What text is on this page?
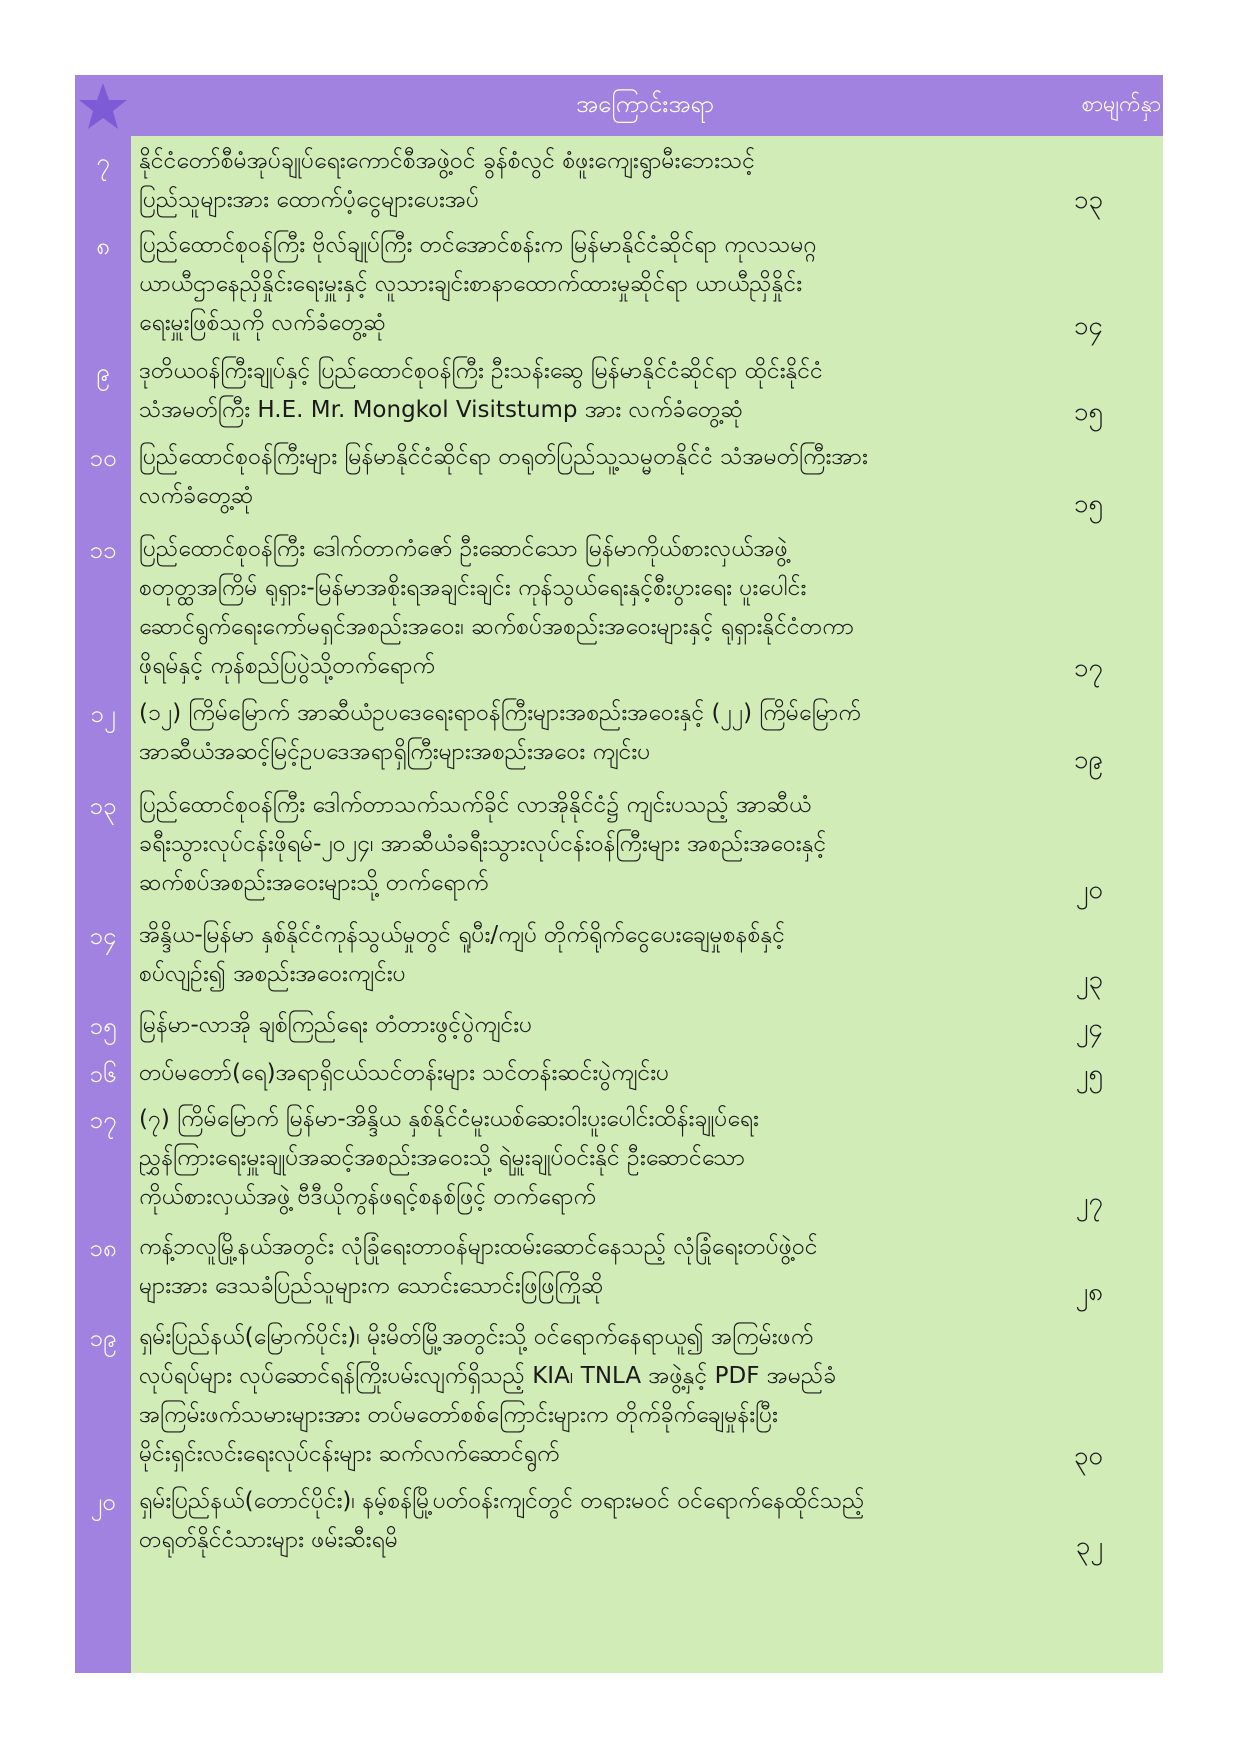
အကြောင်းအရာ	စာမျက်နှာ
၇	နိုင်ငံတော်စီမံအုပ်ချုပ်ရေးကောင်စီအဖွဲ့ဝင် ခွန်စံလွင် စံဖူးကျေးရွာမီးဘေးသင့်
ပြည်သူများအား ထောက်ပံ့ငွေများပေးအပ်	၁၃
၈	ပြည်ထောင်စုဝန်ကြီး ဗိုလ်ချုပ်ကြီး တင်အောင်စန်းက မြန်မာနိုင်ငံဆိုင်ရာ ကုလသမဂ္ဂ
ယာယီဌာနေညှိနှိုင်းရေးမှူးနှင့် လူသားချင်းစာနာထောက်ထားမှုဆိုင်ရာ ယာယီညှိနှိုင်း
ရေးမှူးဖြစ်သူကို လက်ခံတွေ့ဆုံ	၁၄
၉	ဒုတိယဝန်ကြီးချုပ်နှင့် ပြည်ထောင်စုဝန်ကြီး ဦးသန်းဆွေ မြန်မာနိုင်ငံဆိုင်ရာ ထိုင်းနိုင်ငံ
သံအမတ်ကြီး H.E. Mr. Mongkol Visitstump အား လက်ခံတွေ့ဆုံ	၁၅
၁၀ ပြည်ထောင်စုဝန်ကြီးများ မြန်မာနိုင်ငံဆိုင်ရာ တရုတ်ပြည်သူ့သမ္မတနိုင်ငံ သံအမတ်ကြီးအား
လက်ခံတွေ့ဆုံ	၁၅
၁၁ ပြည်ထောင်စုဝန်ကြီး ဒေါက်တာကံဇော် ဦးဆောင်သော မြန်မာကိုယ်စားလှယ်အဖွဲ့
စတုတ္ထအကြိမ် ရုရှား-မြန်မာအစိုးရအချင်းချင်း ကုန်သွယ်ရေးနှင့်စီးပွားရေး ပူးပေါင်း
ဆောင်ရွက်ရေးကော်မရှင်အစည်းအဝေး၊ ဆက်စပ်အစည်းအဝေးများနှင့် ရုရှားနိုင်ငံတကာ
ဖိုရမ်နှင့် ကုန်စည်ပြပွဲသို့တက်ရောက်	၁၇
၁၂	(၁၂) ကြိမ်မြောက် အာဆီယံဥပဒေရေးရာဝန်ကြီးများအစည်းအဝေးနှင့် (၂၂) ကြိမ်မြောက်
အာဆီယံအဆင့်မြင့်ဥပဒေအရာရှိကြီးများအစည်းအဝေး ကျင်းပ	၁၉
၁၃ ပြည်ထောင်စုဝန်ကြီး ဒေါက်တာသက်သက်ခိုင် လာအိုနိုင်ငံ၌ ကျင်းပသည့် အာဆီယံ
ခရီးသွားလုပ်ငန်းဖိုရမ်-၂၀၂၄၊ အာဆီယံခရီးသွားလုပ်ငန်းဝန်ကြီးများ အစည်းအဝေးနှင့်
ဆက်စပ်အစည်းအဝေးများသို့ တက်ရောက်	၂၀
၁၄ အိန္ဒိယ-မြန်မာ နှစ်နိုင်ငံကုန်သွယ်မှုတွင် ရူပီး/ကျပ် တိုက်ရိုက်ငွေပေးချေမှုစနစ်နှင့်
စပ်လျဉ်း၍ အစည်းအဝေးကျင်းပ	၂၃
၁၅ မြန်မာ-လာအို ချစ်ကြည်ရေး တံတားဖွင့်ပွဲကျင်းပ	၂၄
၁၆ တပ်မတော်(ရေ)အရာရှိငယ်သင်တန်းများ သင်တန်းဆင်းပွဲကျင်းပ	၂၅
၁၇ (၇) ကြိမ်မြောက် မြန်မာ-အိန္ဒိယ နှစ်နိုင်ငံမူးယစ်ဆေးဝါးပူးပေါင်းထိန်းချုပ်ရေး
ညွှန်ကြားရေးမှူးချုပ်အဆင့်အစည်းအဝေးသို့ ရဲမှူးချုပ်ဝင်းနိုင် ဦးဆောင်သော
ကိုယ်စားလှယ်အဖွဲ့ ဗီဒီယိုကွန်ဖရင့်စနစ်ဖြင့် တက်ရောက်	၂၇
၁၈ ကန့်ဘလူမြို့နယ်အတွင်း လုံခြုံရေးတာဝန်များထမ်းဆောင်နေသည့် လုံခြုံရေးတပ်ဖွဲ့ဝင်
များအား ဒေသခံပြည်သူများက သောင်းသောင်းဖြဖြကြိုဆို	၂၈
၁၉ ရှမ်းပြည်နယ်(မြောက်ပိုင်း)၊ မိုးမိတ်မြို့အတွင်းသို့ ဝင်ရောက်နေရာယူ၍ အကြမ်းဖက်
လုပ်ရပ်များ လုပ်ဆောင်ရန်ကြိုးပမ်းလျက်ရှိသည့် KIA၊ TNLA အဖွဲ့နှင့် PDF အမည်ခံ
အကြမ်းဖက်သမားများအား တပ်မတော်စစ်ကြောင်းများက တိုက်ခိုက်ချေမှုန်းပြီး
မိုင်းရှင်းလင်းရေးလုပ်ငန်းများ ဆက်လက်ဆောင်ရွက်	၃၀
၂၀	ရှမ်းပြည်နယ်(တောင်ပိုင်း)၊ နမ့်စန်မြို့ပတ်ဝန်းကျင်တွင် တရားမဝင် ဝင်ရောက်နေထိုင်သည့်
တရုတ်နိုင်ငံသားများ ဖမ်းဆီးရမိ	၃၂
